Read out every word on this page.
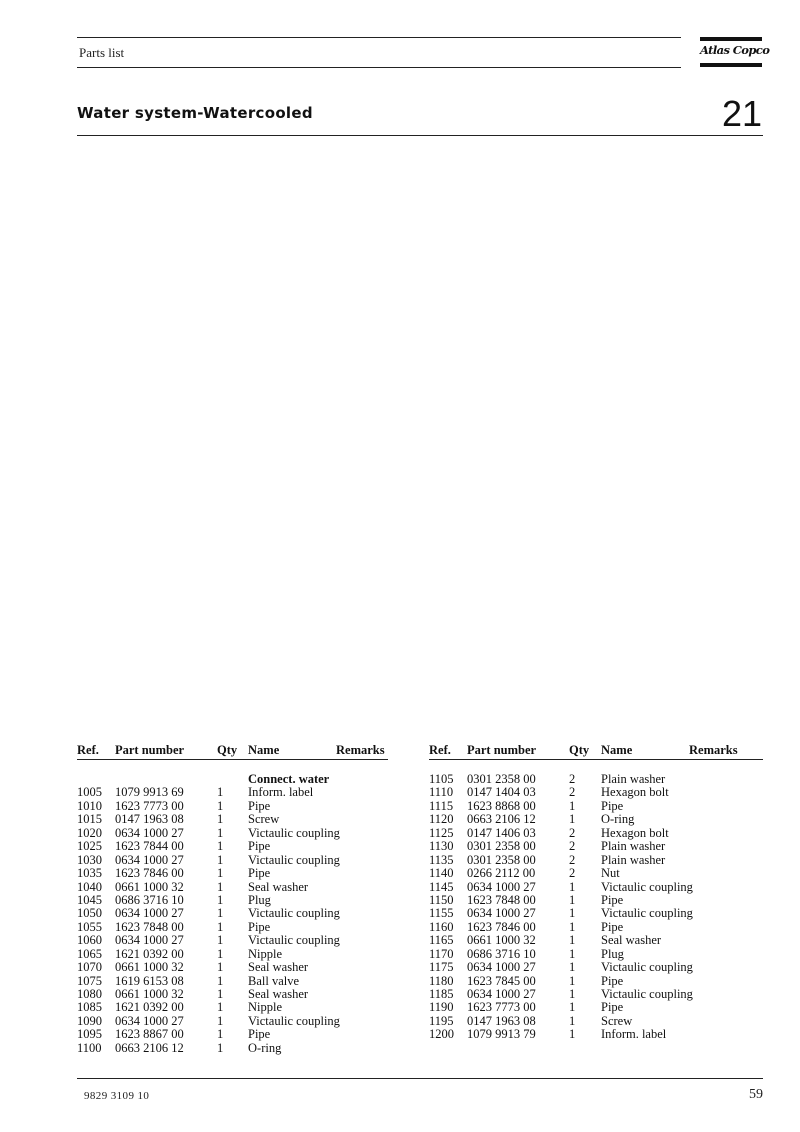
Parts list	Atlas Copco
Water system-Watercooled	21
Ref. Part number	Qty Name	Remarks
Connect. water
1005 1079 9913 69	1 Inform. label
1010 1623 7773 00	1 Pipe
1015 0147 1963 08	1 Screw
1020 0634 1000 27	1 Victaulic coupling
1025 1623 7844 00	1 Pipe
1030 0634 1000 27	1 Victaulic coupling
1035 1623 7846 00	1 Pipe
1040 0661 1000 32	1 Seal washer
1045 0686 3716 10	1 Plug
1050 0634 1000 27	1 Victaulic coupling
1055 1623 7848 00	1 Pipe
1060 0634 1000 27	1 Victaulic coupling
1065 1621 0392 00	1 Nipple
1070 0661 1000 32	1 Seal washer
1075 1619 6153 08	1 Ball valve
1080 0661 1000 32	1 Seal washer
1085 1621 0392 00	1 Nipple
1090 0634 1000 27	1 Victaulic coupling
1095 1623 8867 00	1 Pipe
1100 0663 2106 12	1 O-ring
Ref. Part number	Qty Name	Remarks
1105 0301 2358 00	2 Plain washer
1110 0147 1404 03	2 Hexagon bolt
1115 1623 8868 00	1 Pipe
1120 0663 2106 12	1 O-ring
1125 0147 1406 03	2 Hexagon bolt
1130 0301 2358 00	2 Plain washer
1135 0301 2358 00	2 Plain washer
1140 0266 2112 00	2 Nut
1145 0634 1000 27	1 Victaulic coupling
1150 1623 7848 00	1 Pipe
1155 0634 1000 27	1 Victaulic coupling
1160 1623 7846 00	1 Pipe
1165 0661 1000 32	1 Seal washer
1170 0686 3716 10	1 Plug
1175 0634 1000 27	1 Victaulic coupling
1180 1623 7845 00	1 Pipe
1185 0634 1000 27	1 Victaulic coupling
1190 1623 7773 00	1 Pipe
1195 0147 1963 08	1 Screw
1200 1079 9913 79	1 Inform. label
9829 3109 10	59
